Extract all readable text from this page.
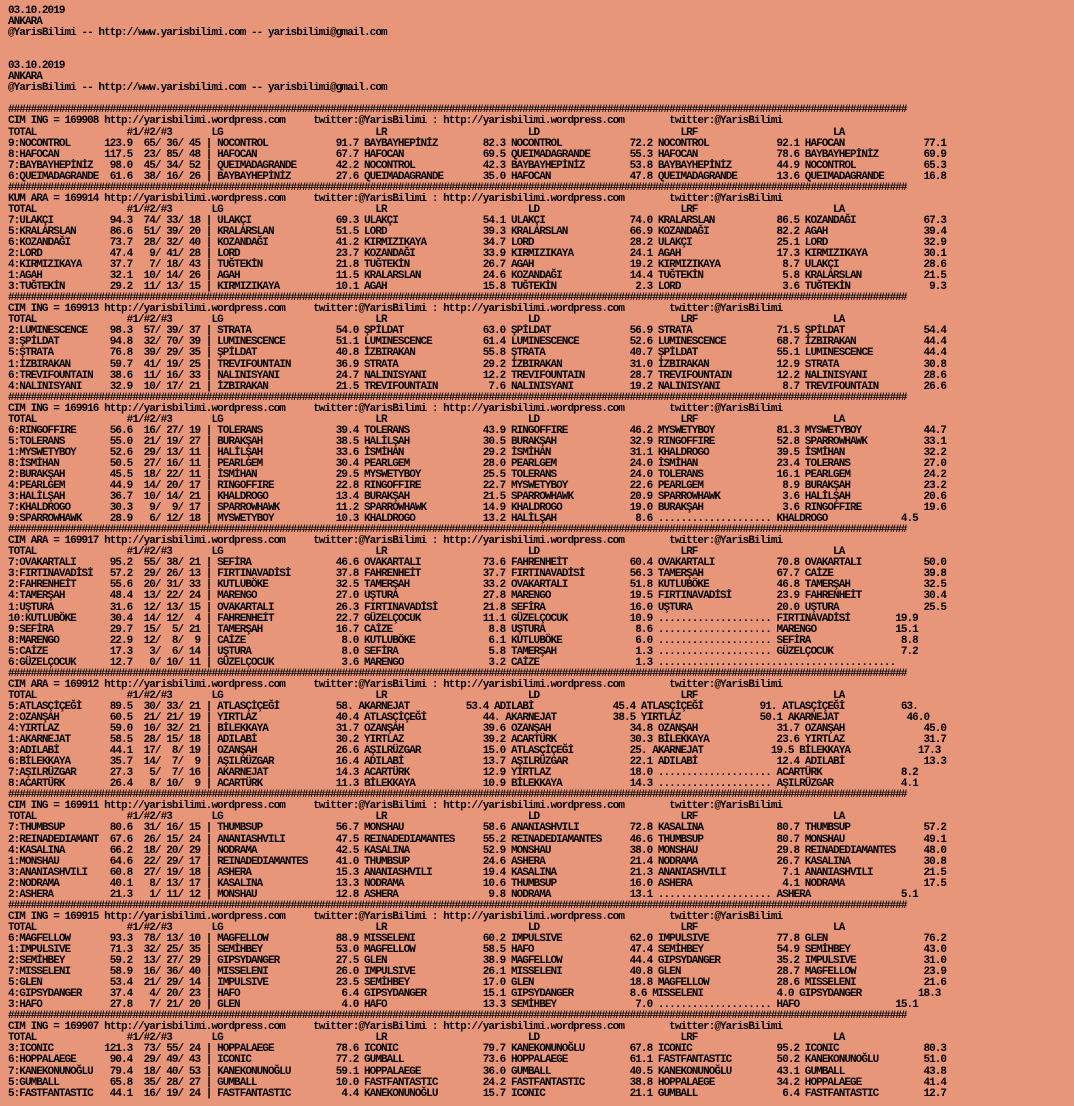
03.10.2019
ANKARA
@YarisBilimi -- http://www.yarisbilimi.com -- yarisbilimi@gmail.com

03.10.2019
ANKARA
@YarisBilimi -- http://www.yarisbilimi.com -- yarisbilimi@gmail.com

###############################################################################################################################################################
CIM ING = 169908 http://yarisbilimi.wordpress.com     twitter:@YarisBilimi : http://yarisbilimi.wordpress.com        twitter:@YarisBilimi
TOTAL                #1/#2/#3       LG                           LR                         LD                         LRF                        LA
9:NOCONTROL      123.9  65/ 36/ 45 | NOCONTROL            91.7 BAYBAYHEPİNİZ        82.3 NOCONTROL            72.2 NOCONTROL            92.1 HAFOCAN              77.1
8:HAFOCAN        117.5  23/ 85/ 48 | HAFOCAN              67.7 HAFOCAN              69.5 QUEIMADAGRANDE       55.3 HAFOCAN              78.6 BAYBAYHEPİNİZ        69.9
7:BAYBAYHEPİNİZ   98.0  45/ 34/ 52 | QUEIMADAGRANDE       42.2 NOCONTROL            42.3 BAYBAYHEPİNİZ        53.8 BAYBAYHEPİNİZ        44.9 NOCONTROL            65.3
6:QUEIMADAGRANDE  61.6  38/ 16/ 26 | BAYBAYHEPİNİZ        27.6 QUEIMADAGRANDE       35.0 HAFOCAN              47.8 QUEIMADAGRANDE       13.6 QUEIMADAGRANDE       16.8
###############################################################################################################################################################
KUM ARA = 169914 http://yarisbilimi.wordpress.com     twitter:@YarisBilimi : http://yarisbilimi.wordpress.com        twitter:@YarisBilimi
TOTAL                #1/#2/#3       LG                           LR                         LD                         LRF                        LA
7:ULAKÇI          94.3  74/ 33/ 18 | ULAKÇI               69.3 ULAKÇI               54.1 ULAKÇI               74.0 KRALARSLAN           86.5 KOZANDAĞI            67.3
5:KRALARSLAN      86.6  51/ 39/ 20 | KRALARSLAN           51.5 LORD                 39.3 KRALARSLAN           66.9 KOZANDAĞI            82.2 AGAH                 39.4
6:KOZANDAĞI       73.7  28/ 32/ 40 | KOZANDAĞI            41.2 KIRMIZIKAYA          34.7 LORD                 28.2 ULAKÇI               25.1 LORD                 32.9
2:LORD            47.4   9/ 41/ 28 | LORD                 23.7 KOZANDAĞI            33.9 KIRMIZIKAYA          24.1 AGAH                 17.3 KIRMIZIKAYA          30.1
4:KIRMIZIKAYA     37.7   7/ 18/ 43 | TUĞTEKİN             21.8 TUĞTEKİN             26.7 AGAH                 19.2 KIRMIZIKAYA           8.7 ULAKÇI               28.6
1:AGAH            32.1  10/ 14/ 26 | AGAH                 11.5 KRALARSLAN           24.6 KOZANDAĞI            14.4 TUĞTEKİN              5.8 KRALARSLAN           21.5
3:TUĞTEKİN        29.2  11/ 13/ 15 | KIRMIZIKAYA          10.1 AGAH                 15.8 TUĞTEKİN              2.3 LORD                  3.6 TUĞTEKİN              9.3
###############################################################################################################################################################
CIM ING = 169913 http://yarisbilimi.wordpress.com     twitter:@YarisBilimi : http://yarisbilimi.wordpress.com        twitter:@YarisBilimi
TOTAL                #1/#2/#3       LG                           LR                         LD                         LRF                        LA
2:LUMINESCENCE    98.3  57/ 39/ 37 | STRATA               54.0 ŞPİLDAT              63.0 ŞPİLDAT              56.9 STRATA               71.5 ŞPİLDAT              54.4
3:ŞPİLDAT         94.8  32/ 70/ 39 | LUMINESCENCE         51.1 LUMINESCENCE         61.4 LUMINESCENCE         52.6 LUMINESCENCE         68.7 İZBIRAKAN            44.4
5:ŞTRATA          76.8  39/ 29/ 35 | ŞPİLDAT              40.8 İZBIRAKAN            55.8 ŞTRATA               40.7 ŞPİLDAT              55.1 LUMINESCENCE         44.4
1:İZBIRAKAN       59.7  41/ 19/ 25 | TREVIFOUNTAIN        36.9 STRATA               29.2 İZBIRAKAN            31.0 İZBIRAKAN            12.9 STRATA               30.8
6:TREVIFOUNTAIN   38.6  11/ 16/ 33 | NALINISYANI          24.7 NALINISYANI          12.2 TREVIFOUNTAIN        28.7 TREVIFOUNTAIN        12.2 NALINISYANI          28.6
4:NALINISYANI     32.9  10/ 17/ 21 | İZBIRAKAN            21.5 TREVIFOUNTAIN         7.6 NALINISYANI          19.2 NALINISYANI           8.7 TREVIFOUNTAIN        26.6
###############################################################################################################################################################
CIM ING = 169916 http://yarisbilimi.wordpress.com     twitter:@YarisBilimi : http://yarisbilimi.wordpress.com        twitter:@YarisBilimi
TOTAL                #1/#2/#3       LG                           LR                         LD                         LRF                        LA
6:RINGOFFIRE      56.6  16/ 27/ 19 | TOLERANS             39.4 TOLERANS             43.9 RINGOFFIRE           46.2 MYSWETYBOY           81.3 MYSWETYBOY           44.7
5:TOLERANS        55.0  21/ 19/ 27 | BURAKŞAH             38.5 HALİLŞAH             30.5 BURAKŞAH             32.9 RINGOFFIRE           52.8 SPARROWHAWK          33.1
1:MYSWETYBOY      52.6  29/ 13/ 11 | HALİLŞAH             33.6 İSMİHAN              29.2 İSMİHAN              31.1 KHALDROGO            39.5 İSMİHAN              32.2
8:İSMİHAN         50.5  27/ 16/ 11 | PEARLGEM             30.4 PEARLGEM             28.0 PEARLGEM             24.0 İSMİHAN              23.4 TOLERANS             27.0
2:BURAKŞAH        45.5  18/ 22/ 11 | İSMİHAN              29.5 MYSWETYBOY           25.5 TOLERANS             24.0 TOLERANS             16.1 PEARLGEM             24.2
4:PEARLGEM        44.9  14/ 20/ 17 | RINGOFFIRE           22.8 RINGOFFIRE           22.7 MYSWETYBOY           22.6 PEARLGEM              8.9 BURAKŞAH             23.2
3:HALİLŞAH        36.7  10/ 14/ 21 | KHALDROGO            13.4 BURAKŞAH             21.5 SPARROWHAWK          20.9 SPARROWHAWK           3.6 HALİLŞAH             20.6
7:KHALDROGO       30.3   9/  9/ 17 | SPARROWHAWK          11.2 SPARROWHAWK          14.9 KHALDROGO            19.0 BURAKŞAH              3.6 RINGOFFIRE           19.6
9:SPARROWHAWK     28.9   6/ 12/ 18 | MYSWETYBOY           10.3 KHALDROGO            13.2 HALİLŞAH              8.6 .................... KHALDROGO             4.5
###############################################################################################################################################################
CIM ARA = 169917 http://yarisbilimi.wordpress.com     twitter:@YarisBilimi : http://yarisbilimi.wordpress.com        twitter:@YarisBilimi
TOTAL                #1/#2/#3       LG                           LR                         LD                         LRF                        LA
7:OVAKARTALI      95.2  55/ 38/ 21 | SEFİRA               46.6 OVAKARTALI           73.6 FAHRENHEİT           60.4 OVAKARTALI           70.8 OVAKARTALI           50.0
3:FIRTINAVADİSİ   57.2  29/ 26/ 13 | FIRTINAVADİSİ        37.8 FAHRENHEİT           37.7 FIRTINAVADİSİ        56.3 TAMERŞAH             67.7 CAİZE                39.8
2:FAHRENHEİT      55.6  20/ 31/ 33 | KUTLUBÖKE            32.5 TAMERŞAH             33.2 OVAKARTALI           51.8 KUTLUBÖKE            46.8 TAMERŞAH             32.5
4:TAMERŞAH        48.4  13/ 22/ 24 | MARENGO              27.0 UŞTURA               27.8 MARENGO              19.5 FIRTINAVADİSİ        23.9 FAHRENHEİT           30.4
1:UŞTURA          31.6  12/ 13/ 15 | OVAKARTALI           26.3 FIRTINAVADİSİ        21.8 SEFİRA               16.0 UŞTURA               20.0 UŞTURA               25.5
10:KUTLUBÖKE      30.4  14/ 12/  4 | FAHRENHEİT           22.7 GÜZELÇOCUK           11.1 GÜZELÇOCUK           10.9 .................... FIRTINAVADİSİ        19.9
9:SEFİRA          29.7  15/  5/ 21 | TAMERŞAH             16.7 CAİZE                 8.8 UŞTURA                8.6 .................... MARENGO              15.1
8:MARENGO         22.9  12/  8/  9 | CAİZE                 8.0 KUTLUBÖKE             6.1 KUTLUBÖKE             6.0 .................... SEFİRA                8.8
5:CAİZE           17.3   3/  6/ 14 | UŞTURA                8.0 SEFİRA                5.8 TAMERŞAH              1.3 .................... GÜZELÇOCUK            7.2
6:GÜZELÇOCUK      12.7   0/ 10/ 11 | GÜZELÇOCUK            3.6 MARENGO               3.2 CAİZE                 1.3 ..........................................
###############################################################################################################################################################
CIM ARA = 169912 http://yarisbilimi.wordpress.com     twitter:@YarisBilimi : http://yarisbilimi.wordpress.com        twitter:@YarisBilimi
TOTAL                #1/#2/#3       LG                           LR                         LD                         LRF                        LA
5:ATLASÇİÇEĞİ     89.5  30/ 33/ 21 | ATLASÇİÇEĞİ          58. AKARNEJAT          53.4 ADILABİ              45.4 ATLASÇİÇEĞİ          91. ATLASÇİÇEĞİ          63.
2:OZANŞAH         60.5  21/ 21/ 19 | YIRTLAZ              40.4 ATLASÇİÇEĞİ          44. AKARNEJAT          38.5 YIRTLAZ              50.1 AKARNEJAT            46.0
4:YIRTLAZ         59.0  10/ 32/ 21 | BİLEKKAYA            31.7 OZANŞAH              39.6 OZANŞAH              34.8 OZANŞAH              31.7 OZANŞAH              45.0
1:AKARNEJAT       58.5  28/ 15/ 18 | ADILABİ              30.2 YIRTLAZ              39.2 ACARTÜRK             30.3 BİLEKKAYA            23.6 YIRTLAZ              31.7
3:ADILABİ         44.1  17/  8/ 19 | OZANŞAH              26.6 AŞILRÜZGAR           15.0 ATLASÇİÇEĞİ          25. AKARNEJAT            19.5 BİLEKKAYA            17.3
6:BİLEKKAYA       35.7  14/  7/  9 | AŞILRÜZGAR           16.4 ADILABİ              13.7 AŞILRÜZGAR           22.1 ADILABİ              12.4 ADILABİ              13.3
7:AŞILRÜZGAR      27.3   5/  7/ 16 | AKARNEJAT            14.3 ACARTÜRK             12.9 YIRTLAZ              18.0 .................... ACARTÜRK              8.2
8:ACARTÜRK        26.4   8/ 10/  9 | ACARTÜRK             11.3 BİLEKKAYA            10.9 BİLEKKAYA            14.3 .................... AŞILRÜZGAR            4.1
###############################################################################################################################################################
CIM ING = 169911 http://yarisbilimi.wordpress.com     twitter:@YarisBilimi : http://yarisbilimi.wordpress.com        twitter:@YarisBilimi
TOTAL                #1/#2/#3       LG                           LR                         LD                         LRF                        LA
7:THUMBSUP        80.6  31/ 16/ 15 | THUMBSUP             56.7 MONSHAU              58.6 ANANIASHVILI         72.8 KASALINA             80.7 THUMBSUP             57.2
2:REINADEDIAMANT  67.6  26/ 15/ 24 | ANANIASHVILI         47.5 REINADEDIAMANTES     55.2 REINADEDIAMANTES     46.6 THUMBSUP             80.7 MONSHAU              49.1
4:KASALINA        66.2  18/ 20/ 29 | NODRAMA              42.5 KASALINA             52.9 MONSHAU              38.0 MONSHAU              29.8 REINADEDIAMANTES     48.0
1:MONSHAU         64.6  22/ 29/ 17 | REINADEDIAMANTES     41.0 THUMBSUP             24.6 ASHERA               21.4 NODRAMA              26.7 KASALINA             30.8
3:ANANIASHVILI    60.8  27/ 19/ 18 | ASHERA               15.3 ANANIASHVILI         19.4 KASALINA             21.3 ANANIASHVILI          7.1 ANANIASHVILI         21.5
2:NODRAMA         40.1   8/ 13/ 17 | KASALINA             13.3 NODRAMA              10.6 THUMBSUP             16.0 ASHERA                4.1 NODRAMA              17.5
2:ASHERA          21.3   1/ 11/ 12 | MONSHAU              12.8 ASHERA                9.8 NODRAMA              13.1 .................... ASHERA                5.1
###############################################################################################################################################################
CIM ING = 169915 http://yarisbilimi.wordpress.com     twitter:@YarisBilimi : http://yarisbilimi.wordpress.com        twitter:@YarisBilimi
TOTAL                #1/#2/#3       LG                           LR                         LD                         LRF                        LA
6:MAGFELLOW       93.3  78/ 13/ 10 | MAGFELLOW            88.9 MISSELENI            60.2 IMPULSIVE            62.0 IMPULSIVE            77.8 GLEN                 76.2
1:IMPULSIVE       71.3  32/ 25/ 35 | SEMİHBEY             53.0 MAGFELLOW            58.5 HAFO                 47.4 SEMİHBEY             54.9 SEMİHBEY             43.0
2:SEMİHBEY        59.2  13/ 27/ 29 | GIPSYDANGER          27.5 GLEN                 38.9 MAGFELLOW            44.4 GIPSYDANGER          35.2 IMPULSIVE            31.0
7:MISSELENI       58.9  16/ 36/ 40 | MISSELENI            26.0 IMPULSIVE            26.1 MISSELENI            40.8 GLEN                 28.7 MAGFELLOW            23.9
5:GLEN            53.4  21/ 29/ 14 | IMPULSIVE            23.5 SEMİHBEY             17.0 GLEN                 18.8 MAGFELLOW            28.6 MISSELENI            21.6
4:GIPSYDANGER     37.4   4/ 20/ 23 | HAFO                  6.4 GIPSYDANGER          15.1 GIPSYDANGER          8.6 MISSELENI             4.0 GIPSYDANGER          18.3
3:HAFO            27.8   7/ 21/ 20 | GLEN                  4.0 HAFO                 13.3 SEMİHBEY              7.0 .................... HAFO                 15.1
###############################################################################################################################################################
CIM ING = 169907 http://yarisbilimi.wordpress.com     twitter:@YarisBilimi : http://yarisbilimi.wordpress.com        twitter:@YarisBilimi
TOTAL                #1/#2/#3       LG                           LR                         LD                         LRF                        LA
3:ICONIC         121.3  73/ 55/ 24 | HOPPALAEGE           78.6 ICONIC               79.7 KANEKONUNOĞLU        67.8 ICONIC               95.2 ICONIC               80.3
6:HOPPALAEGE      90.4  29/ 49/ 43 | ICONIC               77.2 GUMBALL              73.6 HOPPALAEGE           61.1 FASTFANTASTIC        50.2 KANEKONUNOĞLU        51.0
7:KANEKONUNOĞLU   79.4  18/ 40/ 53 | KANEKONUNOĞLU        59.1 HOPPALAEGE           36.0 GUMBALL              40.5 KANEKONUNOĞLU        43.1 GUMBALL              43.8
5:GUMBALL         65.8  35/ 28/ 27 | GUMBALL              10.0 FASTFANTASTIC        24.2 FASTFANTASTIC        38.8 HOPPALAEGE           34.2 HOPPALAEGE           41.4
5:FASTFANTASTIC   44.1  16/ 19/ 24 | FASTFANTASTIC         4.4 KANEKONUNOĞLU        15.7 ICONIC               21.1 GUMBALL               6.4 FASTFANTASTIC        12.7
